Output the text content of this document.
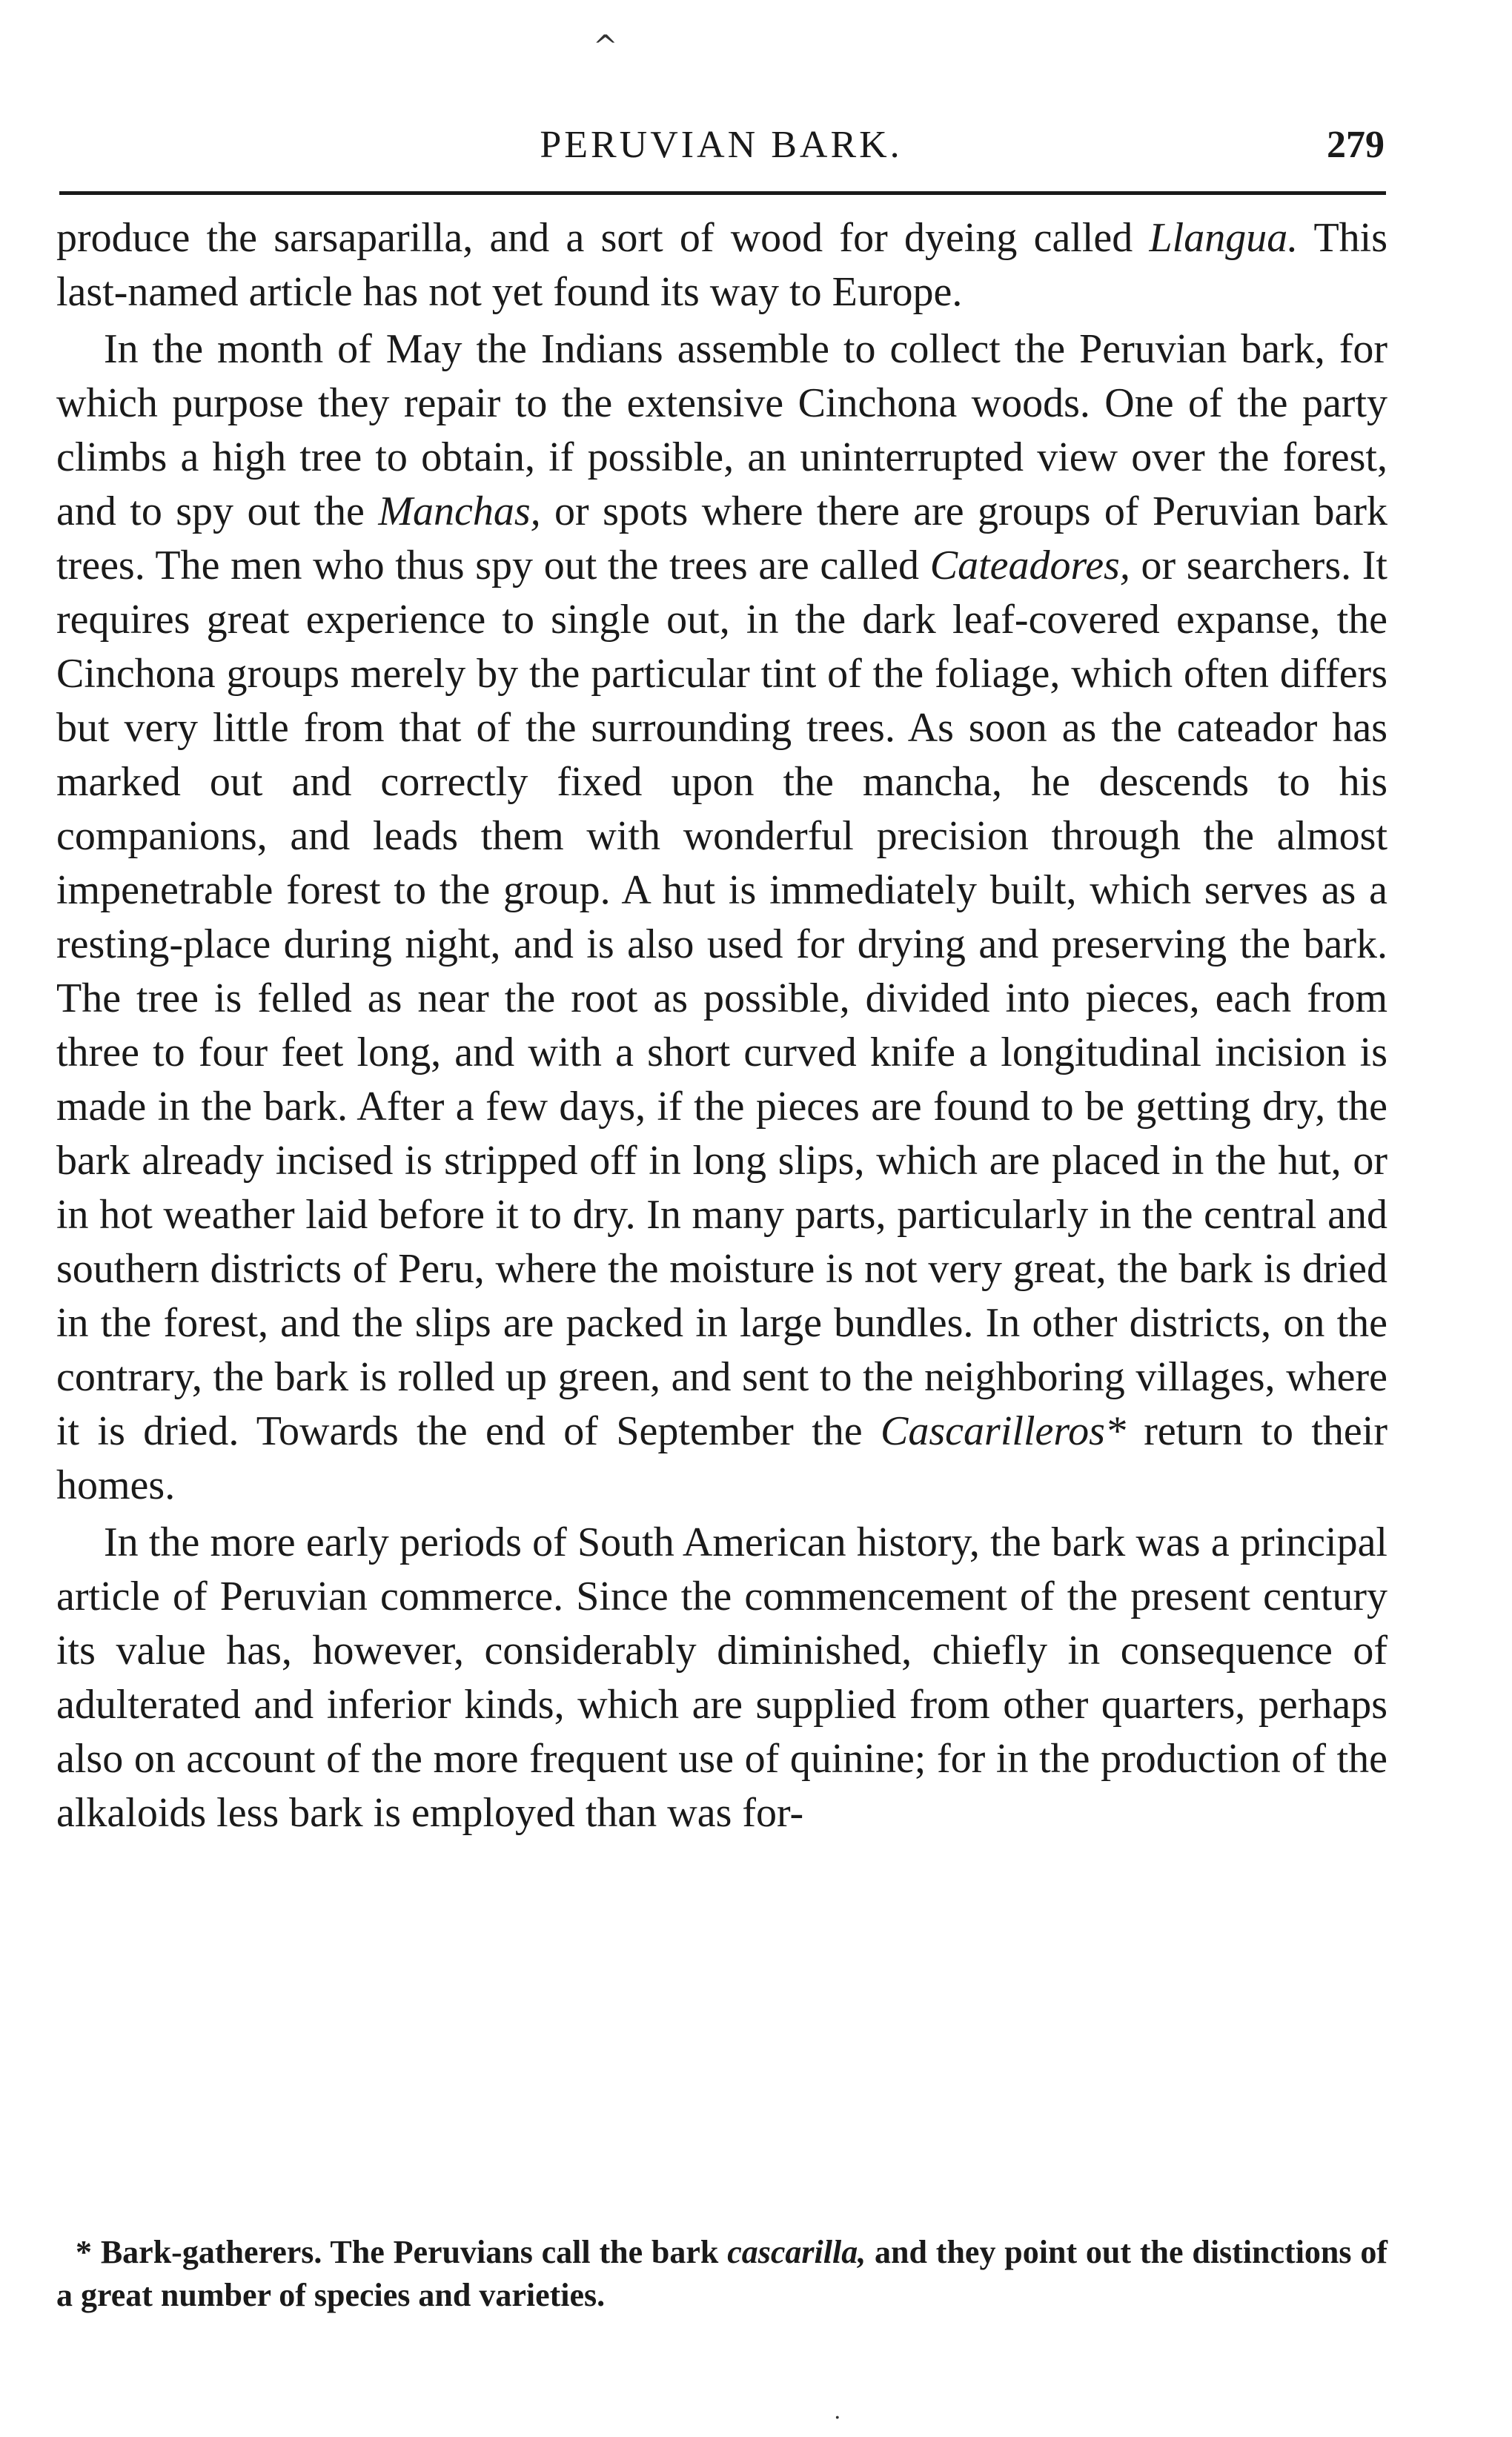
^
PERUVIAN BARK.	279

produce the sarsaparilla, and a sort of wood for dyeing called Llangua. This last-named article has not yet found its way to Europe.

In the month of May the Indians assemble to collect the Peruvian bark, for which purpose they repair to the extensive Cinchona woods. One of the party climbs a high tree to obtain, if possible, an uninterrupted view over the forest, and to spy out the Manchas, or spots where there are groups of Peruvian bark trees. The men who thus spy out the trees are called Cateadores, or searchers. It requires great experience to single out, in the dark leaf-covered expanse, the Cinchona groups merely by the particular tint of the foliage, which often differs but very little from that of the surrounding trees. As soon as the cateador has marked out and correctly fixed upon the mancha, he descends to his companions, and leads them with wonderful precision through the almost impenetrable forest to the group. A hut is immediately built, which serves as a resting-place during night, and is also used for drying and preserving the bark. The tree is felled as near the root as possible, divided into pieces, each from three to four feet long, and with a short curved knife a longitudinal incision is made in the bark. After a few days, if the pieces are found to be getting dry, the bark already incised is stripped off in long slips, which are placed in the hut, or in hot weather laid before it to dry. In many parts, particularly in the central and southern districts of Peru, where the moisture is not very great, the bark is dried in the forest, and the slips are packed in large bundles. In other districts, on the contrary, the bark is rolled up green, and sent to the neighboring villages, where it is dried. Towards the end of September the Cascarilleros* return to their homes.

In the more early periods of South American history, the bark was a principal article of Peruvian commerce. Since the commencement of the present century its value has, however, considerably diminished, chiefly in consequence of adulterated and inferior kinds, which are supplied from other quarters, perhaps also on account of the more frequent use of quinine; for in the production of the alkaloids less bark is employed than was for-

* Bark-gatherers. The Peruvians call the bark cascarilla, and they point out the distinctions of a great number of species and varieties.

.
